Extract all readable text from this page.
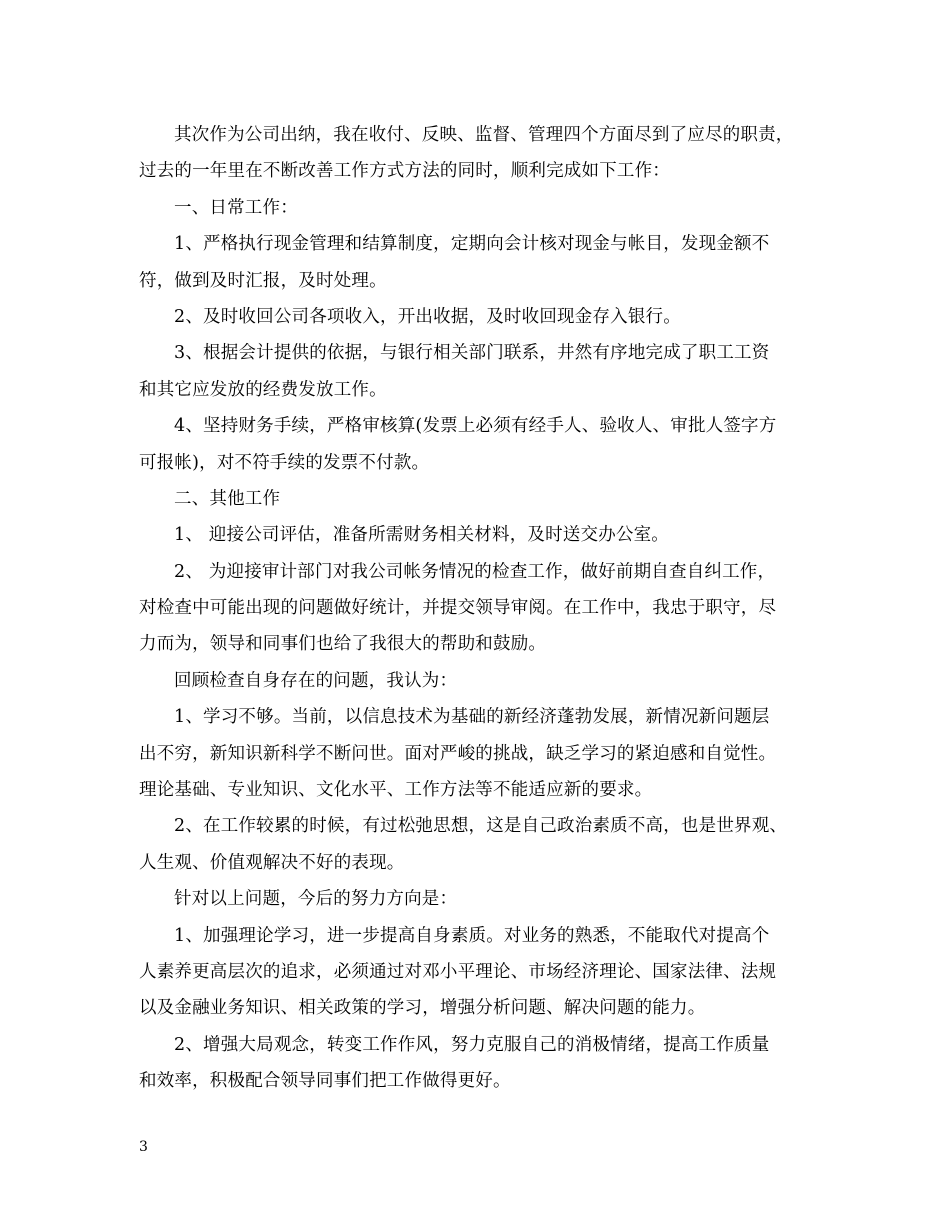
其次作为公司出纳，我在收付、反映、监督、管理四个方面尽到了应尽的职责，
过去的一年里在不断改善工作方式方法的同时，顺利完成如下工作：
一、日常工作：
1、严格执行现金管理和结算制度，定期向会计核对现金与帐目，发现金额不
符，做到及时汇报，及时处理。
2、及时收回公司各项收入，开出收据，及时收回现金存入银行。
3、根据会计提供的依据，与银行相关部门联系，井然有序地完成了职工工资
和其它应发放的经费发放工作。
4、坚持财务手续，严格审核算(发票上必须有经手人、验收人、审批人签字方
可报帐)，对不符手续的发票不付款。
二、其他工作
1、 迎接公司评估，准备所需财务相关材料，及时送交办公室。
2、 为迎接审计部门对我公司帐务情况的检查工作，做好前期自查自纠工作，
对检查中可能出现的问题做好统计，并提交领导审阅。在工作中，我忠于职守，尽
力而为，领导和同事们也给了我很大的帮助和鼓励。
回顾检查自身存在的问题，我认为：
1、学习不够。当前，以信息技术为基础的新经济蓬勃发展，新情况新问题层
出不穷，新知识新科学不断问世。面对严峻的挑战，缺乏学习的紧迫感和自觉性。
理论基础、专业知识、文化水平、工作方法等不能适应新的要求。
2、在工作较累的时候，有过松弛思想，这是自己政治素质不高，也是世界观、
人生观、价值观解决不好的表现。
针对以上问题，今后的努力方向是：
1、加强理论学习，进一步提高自身素质。对业务的熟悉，不能取代对提高个
人素养更高层次的追求，必须通过对邓小平理论、市场经济理论、国家法律、法规
以及金融业务知识、相关政策的学习，增强分析问题、解决问题的能力。
2、增强大局观念，转变工作作风，努力克服自己的消极情绪，提高工作质量
和效率，积极配合领导同事们把工作做得更好。
3
